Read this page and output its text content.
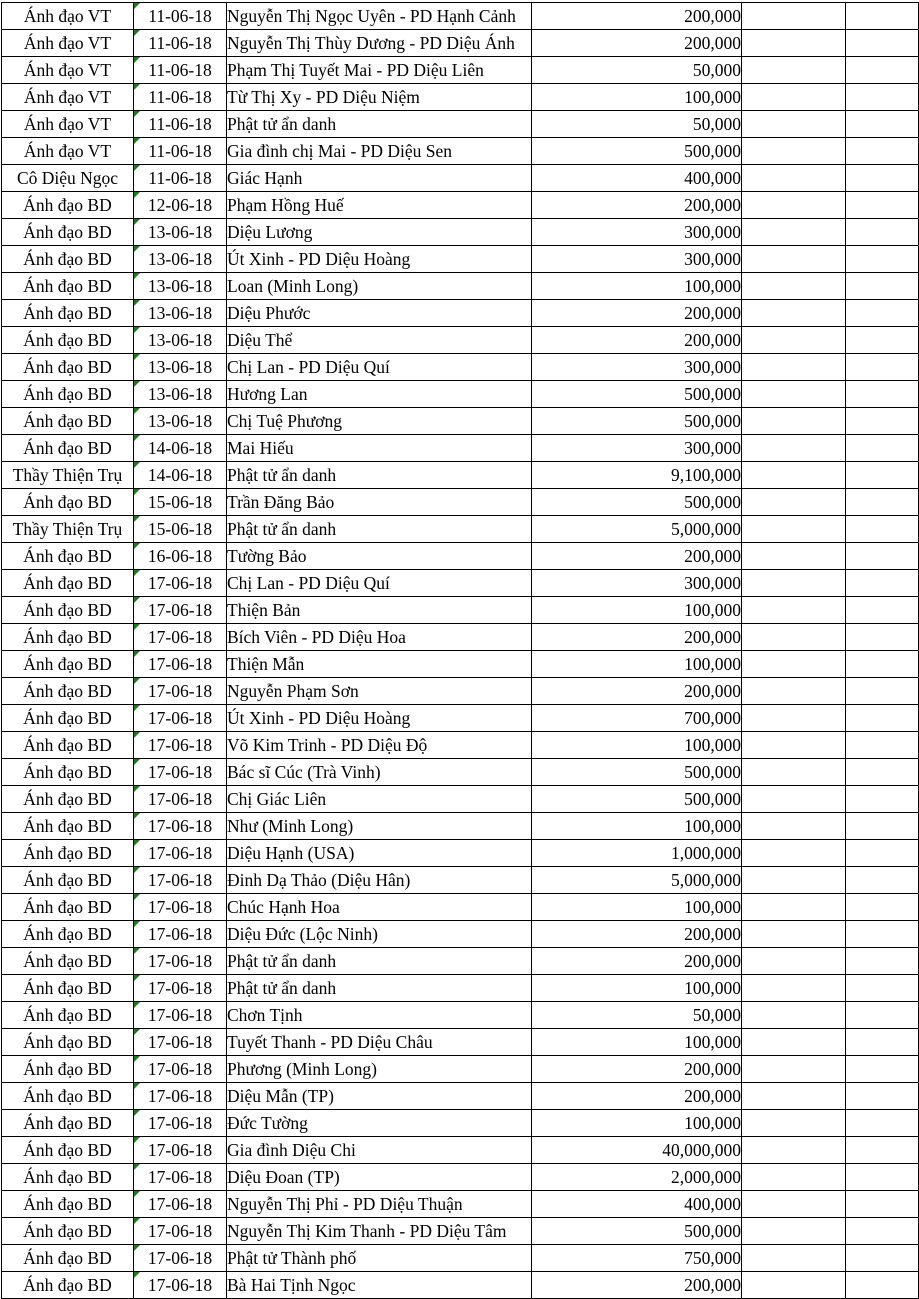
Ánh đạo VT	11-06-18	Nguyễn Thị Ngọc Uyên - PD Hạnh Cảnh	200,000		
Ánh đạo VT	11-06-18	Nguyễn Thị Thùy Dương - PD Diệu Ánh	200,000		
Ánh đạo VT	11-06-18	Phạm Thị Tuyết Mai - PD Diệu Liên	50,000		
Ánh đạo VT	11-06-18	Từ Thị Xy - PD Diệu Niệm	100,000		
Ánh đạo VT	11-06-18	Phật tử ẩn danh	50,000		
Ánh đạo VT	11-06-18	Gia đình chị Mai - PD Diệu Sen	500,000		
Cô Diệu Ngọc	11-06-18	Giác Hạnh	400,000		
Ánh đạo BD	12-06-18	Phạm Hồng Huế	200,000		
Ánh đạo BD	13-06-18	Diệu Lương	300,000		
Ánh đạo BD	13-06-18	Út Xinh - PD Diệu Hoàng	300,000		
Ánh đạo BD	13-06-18	Loan (Minh Long)	100,000		
Ánh đạo BD	13-06-18	Diệu Phước	200,000		
Ánh đạo BD	13-06-18	Diệu Thể	200,000		
Ánh đạo BD	13-06-18	Chị Lan - PD Diệu Quí	300,000		
Ánh đạo BD	13-06-18	Hương Lan	500,000		
Ánh đạo BD	13-06-18	Chị Tuệ Phương	500,000		
Ánh đạo BD	14-06-18	Mai Hiếu	300,000		
Thầy Thiện Trụ	14-06-18	Phật tử ẩn danh	9,100,000		
Ánh đạo BD	15-06-18	Trần Đăng Bảo	500,000		
Thầy Thiện Trụ	15-06-18	Phật tử ẩn danh	5,000,000		
Ánh đạo BD	16-06-18	Tường Bảo	200,000		
Ánh đạo BD	17-06-18	Chị Lan - PD Diệu Quí	300,000		
Ánh đạo BD	17-06-18	Thiện Bản	100,000		
Ánh đạo BD	17-06-18	Bích Viên - PD Diệu Hoa	200,000		
Ánh đạo BD	17-06-18	Thiện Mẫn	100,000		
Ánh đạo BD	17-06-18	Nguyễn Phạm Sơn	200,000		
Ánh đạo BD	17-06-18	Út Xinh - PD Diệu Hoàng	700,000		
Ánh đạo BD	17-06-18	Võ Kim Trinh - PD Diệu Độ	100,000		
Ánh đạo BD	17-06-18	Bác sĩ Cúc (Trà Vinh)	500,000		
Ánh đạo BD	17-06-18	Chị Giác Liên	500,000		
Ánh đạo BD	17-06-18	Như (Minh Long)	100,000		
Ánh đạo BD	17-06-18	Diệu Hạnh (USA)	1,000,000		
Ánh đạo BD	17-06-18	Đinh Dạ Thảo (Diệu Hân)	5,000,000		
Ánh đạo BD	17-06-18	Chúc Hạnh Hoa	100,000		
Ánh đạo BD	17-06-18	Diệu Đức (Lộc Ninh)	200,000		
Ánh đạo BD	17-06-18	Phật tử ẩn danh	200,000		
Ánh đạo BD	17-06-18	Phật tử ẩn danh	100,000		
Ánh đạo BD	17-06-18	Chơn Tịnh	50,000		
Ánh đạo BD	17-06-18	Tuyết Thanh - PD Diệu Châu	100,000		
Ánh đạo BD	17-06-18	Phương (Minh Long)	200,000		
Ánh đạo BD	17-06-18	Diệu Mẫn (TP)	200,000		
Ánh đạo BD	17-06-18	Đức Tường	100,000		
Ánh đạo BD	17-06-18	Gia đình Diệu Chi	40,000,000		
Ánh đạo BD	17-06-18	Diệu Đoan (TP)	2,000,000		
Ánh đạo BD	17-06-18	Nguyễn Thị Phỉ - PD Diệu Thuận	400,000		
Ánh đạo BD	17-06-18	Nguyễn Thị Kim Thanh - PD Diệu Tâm	500,000		
Ánh đạo BD	17-06-18	Phật tử Thành phố	750,000		
Ánh đạo BD	17-06-18	Bà Hai Tịnh Ngọc	200,000		
